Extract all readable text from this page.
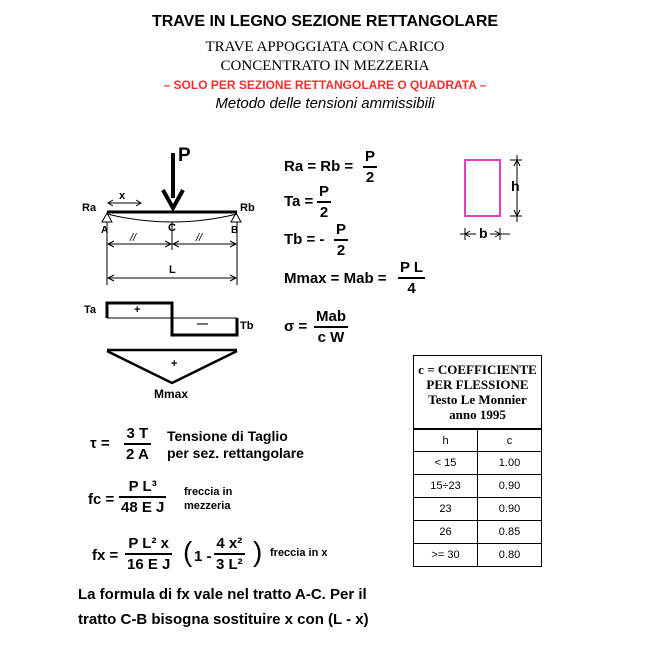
TRAVE IN LEGNO SEZIONE RETTANGOLARE
TRAVE APPOGGIATA CON CARICO
CONCENTRATO IN MEZZERIA
– SOLO PER SEZIONE RETTANGOLARE O QUADRATA –
Metodo delle tensioni ammissibili
P
Ra	Rb
x
A	C	B
//	//
L
Ta
Tb
+
—
+
Mmax
h
b
Ra = Rb =
P
2
Ta =
P
2
Tb = -
P
2
Mmax = Mab =
P L
4
σ =
Mab
c W
c = COEFFICIENTE
PER FLESSIONE
Testo Le Monnier
anno 1995
h	c
< 15	1.00
15÷23	0.90
23	0.90
26	0.85
>= 30	0.80
τ =
3 T
2 A
Tensione di Taglio
per sez. rettangolare
fc =
P L³
48 E J
freccia in
mezzeria
fx =
P L² x
16 E J ( 1 -
4 x²
3 L² ) freccia in x
La formula di fx vale nel tratto A-C. Per il
tratto C-B bisogna sostituire x con (L - x)
